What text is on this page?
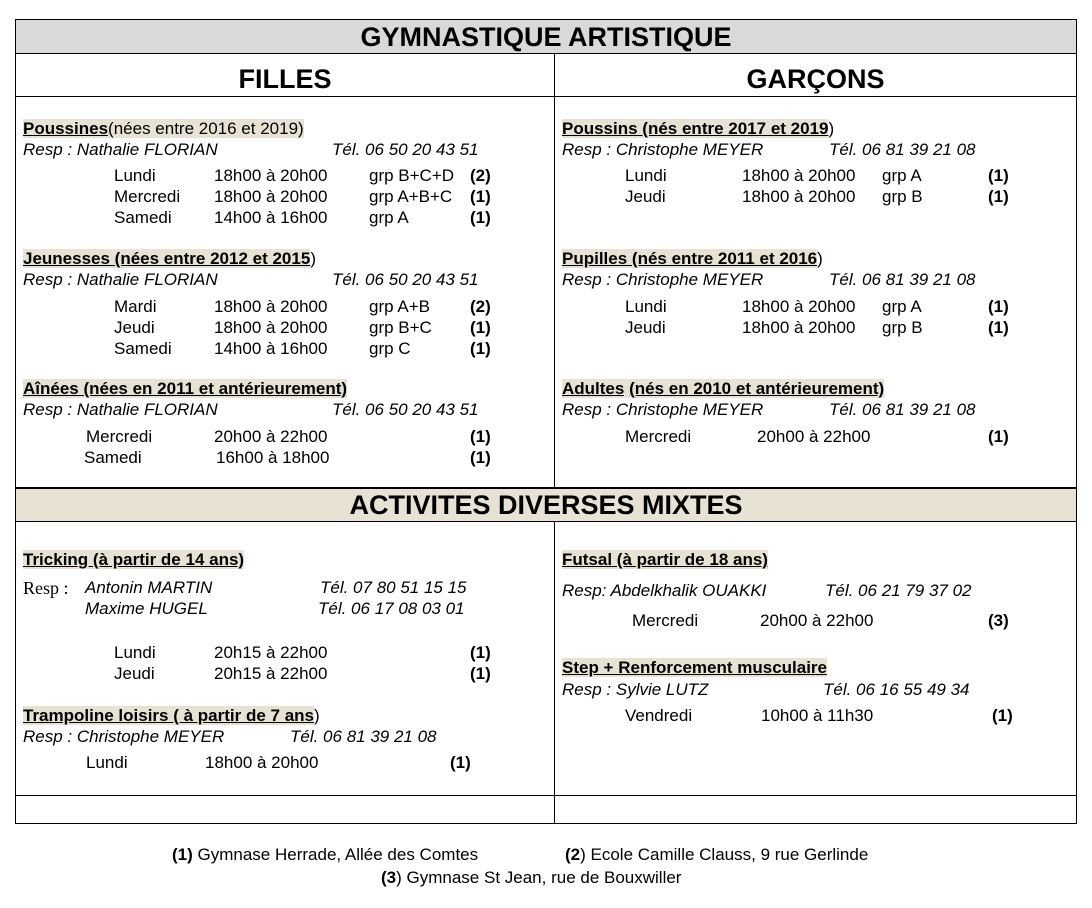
GYMNASTIQUE ARTISTIQUE
FILLES	GARÇONS
ACTIVITES DIVERSES MIXTES
Poussines(nées entre 2016 et 2019)
Resp : Nathalie FLORIAN	Tél. 06 50 20 43 51
Lundi	18h00 à 20h00 grp B+C+D (2)
Mercredi 18h00 à 20h00 grp A+B+C (1)
Samedi 14h00 à 16h00 grp A	(1)
Jeunesses (nées entre 2012 et 2015)
Resp : Nathalie FLORIAN	Tél. 06 50 20 43 51
Mardi	18h00 à 20h00 grp A+B (2)
Jeudi	18h00 à 20h00 grp B+C (1)
Samedi 14h00 à 16h00 grp C	(1)
Aînées (nées en 2011 et antérieurement)
Resp : Nathalie FLORIAN	Tél. 06 50 20 43 51
Mercredi	20h00 à 22h00	(1)
Samedi	16h00 à 18h00	(1)
Poussins (nés entre 2017 et 2019)
Resp : Christophe MEYER	Tél. 06 81 39 21 08
Lundi	18h00 à 20h00 grp A	(1)
Jeudi	18h00 à 20h00 grp B	(1)
Pupilles (nés entre 2011 et 2016)
Resp : Christophe MEYER	Tél. 06 81 39 21 08
Lundi	18h00 à 20h00 grp A	(1)
Jeudi	18h00 à 20h00 grp B	(1)
Adultes (nés en 2010 et antérieurement)
Resp : Christophe MEYER	Tél. 06 81 39 21 08
Mercredi	20h00 à 22h00	(1)
Tricking (à partir de 14 ans)
Resp : Antonin MARTIN	Tél. 07 80 51 15 15
Maxime HUGEL	Tél. 06 17 08 03 01
Lundi	20h15 à 22h00	(1)
Jeudi	20h15 à 22h00	(1)
Trampoline loisirs ( à partir de 7 ans)
Resp : Christophe MEYER	Tél. 06 81 39 21 08
Lundi	18h00 à 20h00	(1)
Futsal (à partir de 18 ans)
Resp: Abdelkhalik OUAKKI	Tél. 06 21 79 37 02
Mercredi	20h00 à 22h00	(3)
Step + Renforcement musculaire
Resp : Sylvie LUTZ	Tél. 06 16 55 49 34
Vendredi	10h00 à 11h30	(1)
(1) Gymnase Herrade, Allée des Comtes	(2) Ecole Camille Clauss, 9 rue Gerlinde
(3) Gymnase St Jean, rue de Bouxwiller
